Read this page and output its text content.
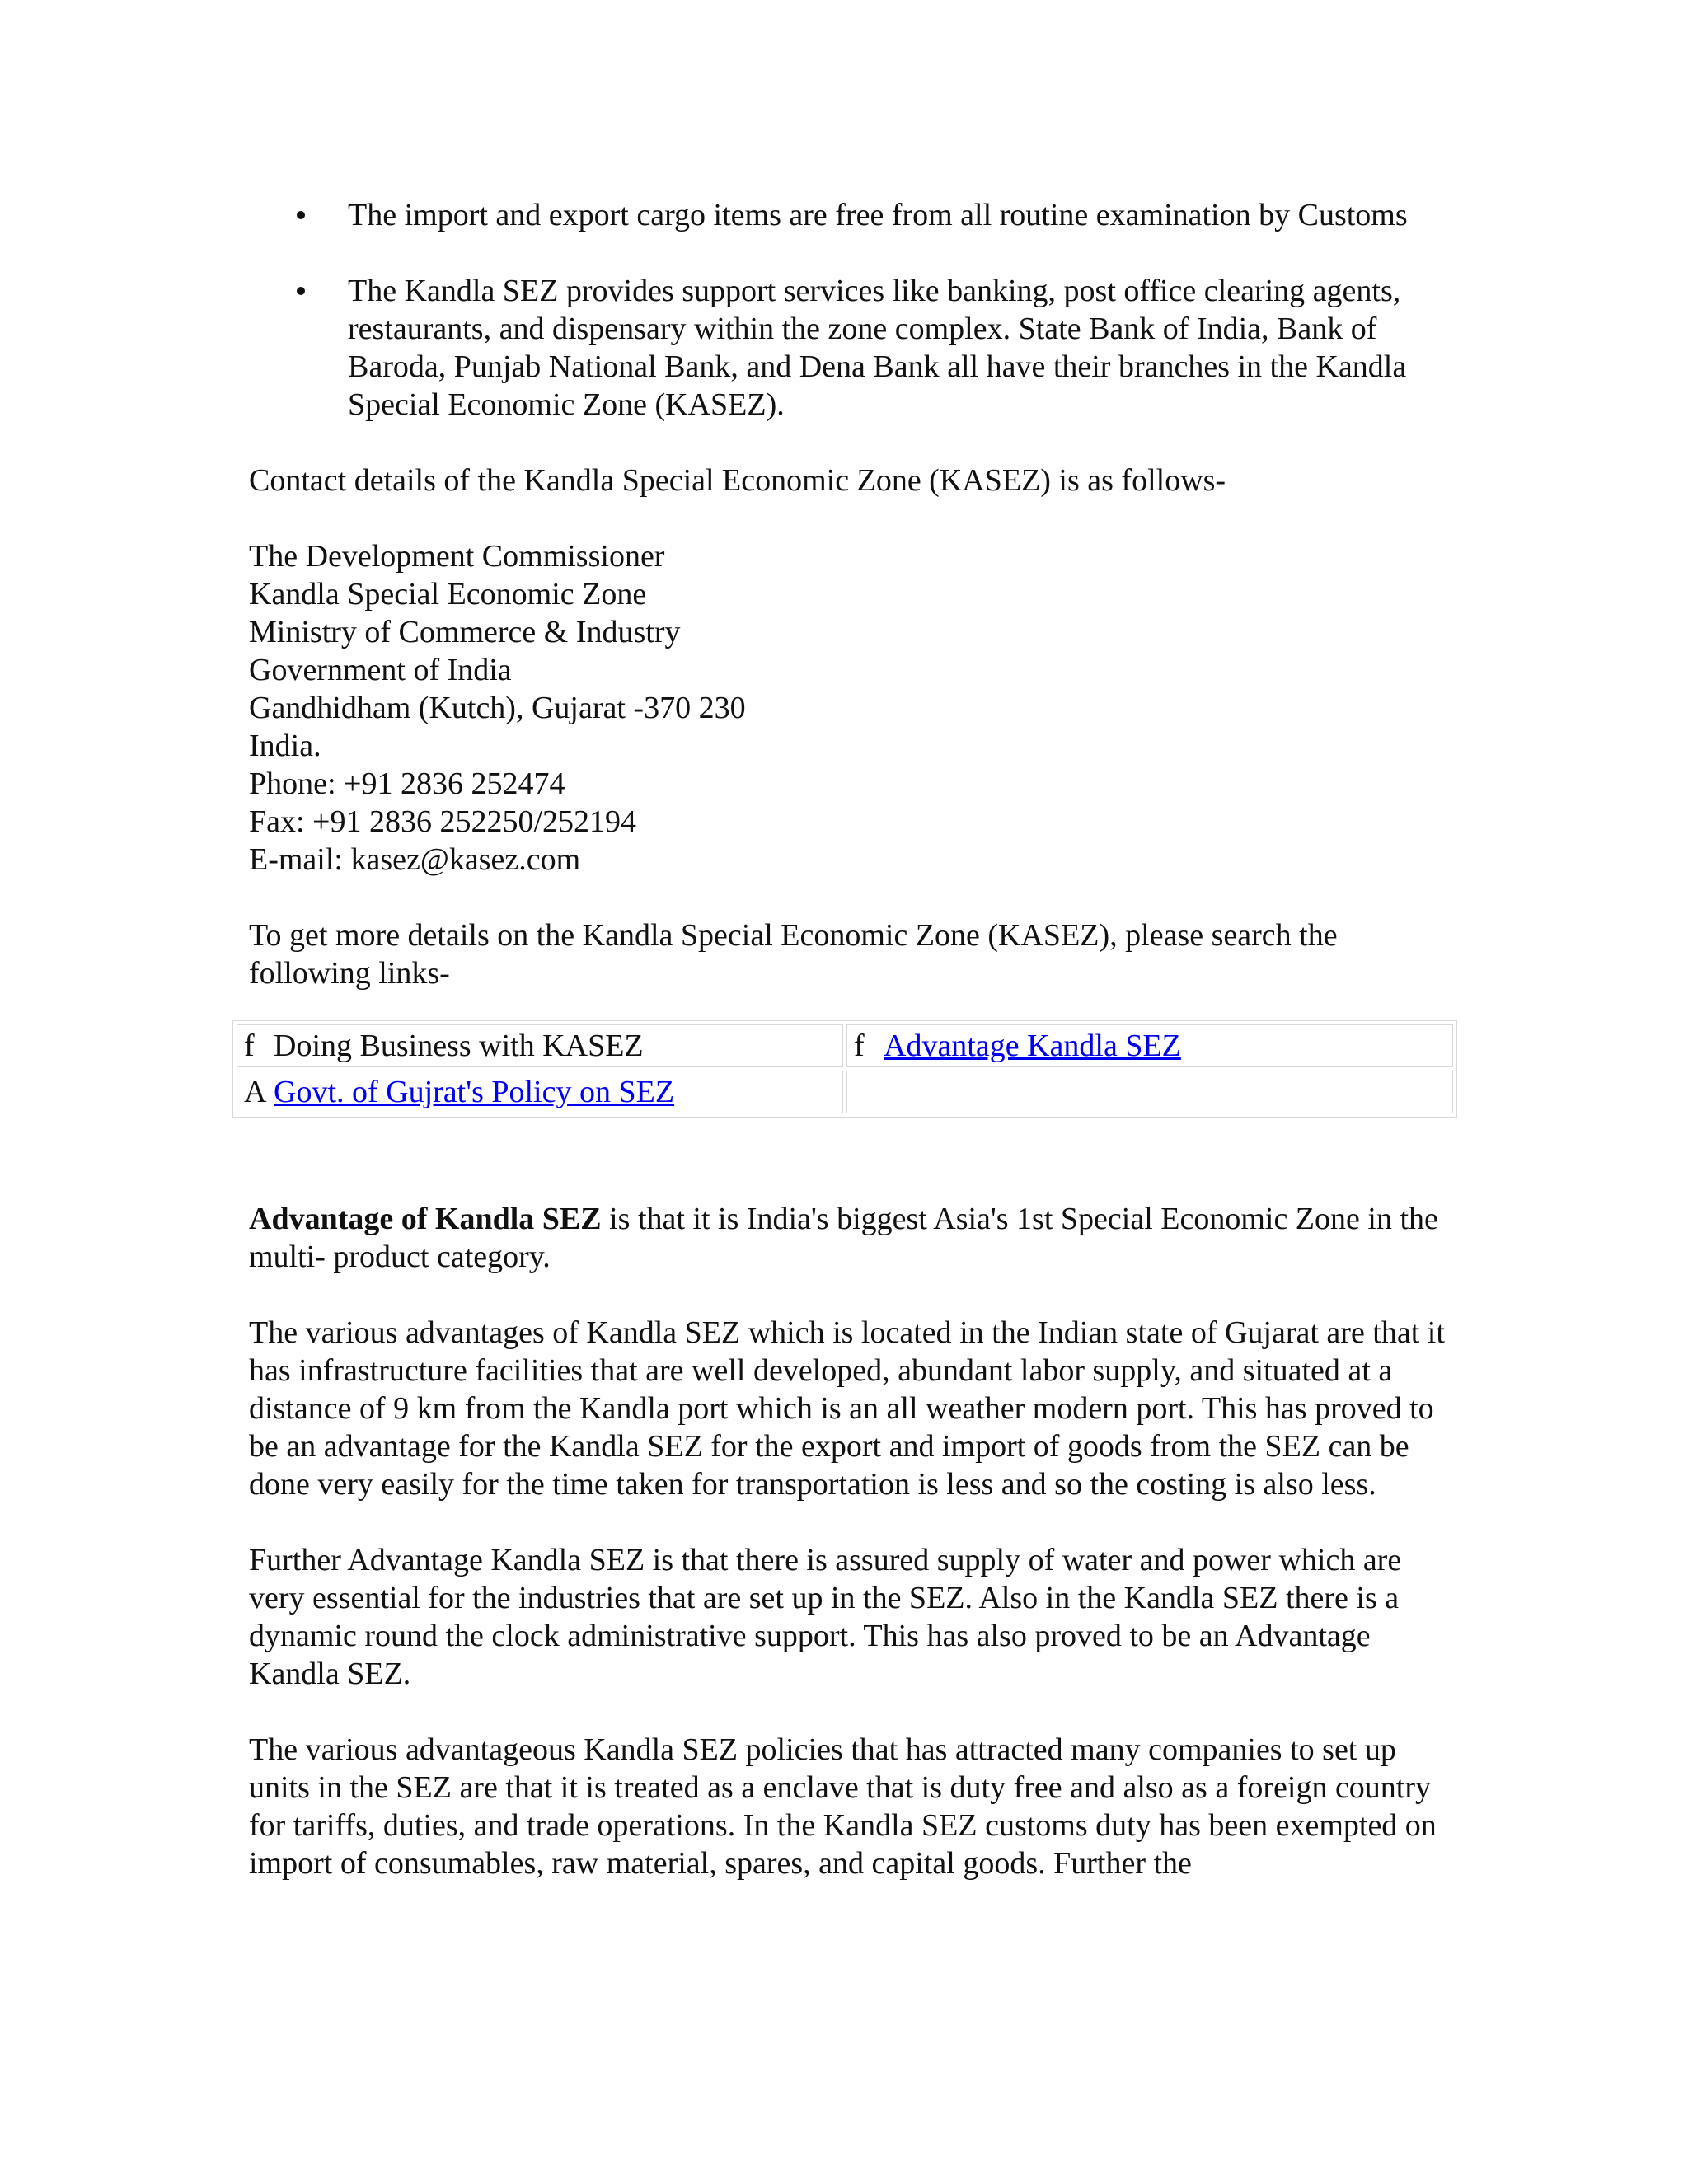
The import and export cargo items are free from all routine examination by Customs
The Kandla SEZ provides support services like banking, post office clearing agents, restaurants, and dispensary within the zone complex. State Bank of India, Bank of Baroda, Punjab National Bank, and Dena Bank all have their branches in the Kandla Special Economic Zone (KASEZ).

Contact details of the Kandla Special Economic Zone (KASEZ) is as follows-

The Development Commissioner
Kandla Special Economic Zone
Ministry of Commerce & Industry
Government of India
Gandhidham (Kutch), Gujarat -370 230
India.
Phone: +91 2836 252474
Fax: +91 2836 252250/252194
E-mail: kasez@kasez.com

To get more details on the Kandla Special Economic Zone (KASEZ), please search the following links-

f Doing Business with KASEZ	f Advantage Kandla SEZ
A Govt. of Gujrat's Policy on SEZ	

Advantage of Kandla SEZ is that it is India's biggest Asia's 1st Special Economic Zone in the multi- product category.

The various advantages of Kandla SEZ which is located in the Indian state of Gujarat are that it has infrastructure facilities that are well developed, abundant labor supply, and situated at a distance of 9 km from the Kandla port which is an all weather modern port. This has proved to be an advantage for the Kandla SEZ for the export and import of goods from the SEZ can be done very easily for the time taken for transportation is less and so the costing is also less.

Further Advantage Kandla SEZ is that there is assured supply of water and power which are very essential for the industries that are set up in the SEZ. Also in the Kandla SEZ there is a dynamic round the clock administrative support. This has also proved to be an Advantage Kandla SEZ.

The various advantageous Kandla SEZ policies that has attracted many companies to set up units in the SEZ are that it is treated as a enclave that is duty free and also as a foreign country for tariffs, duties, and trade operations. In the Kandla SEZ customs duty has been exempted on import of consumables, raw material, spares, and capital goods. Further the
